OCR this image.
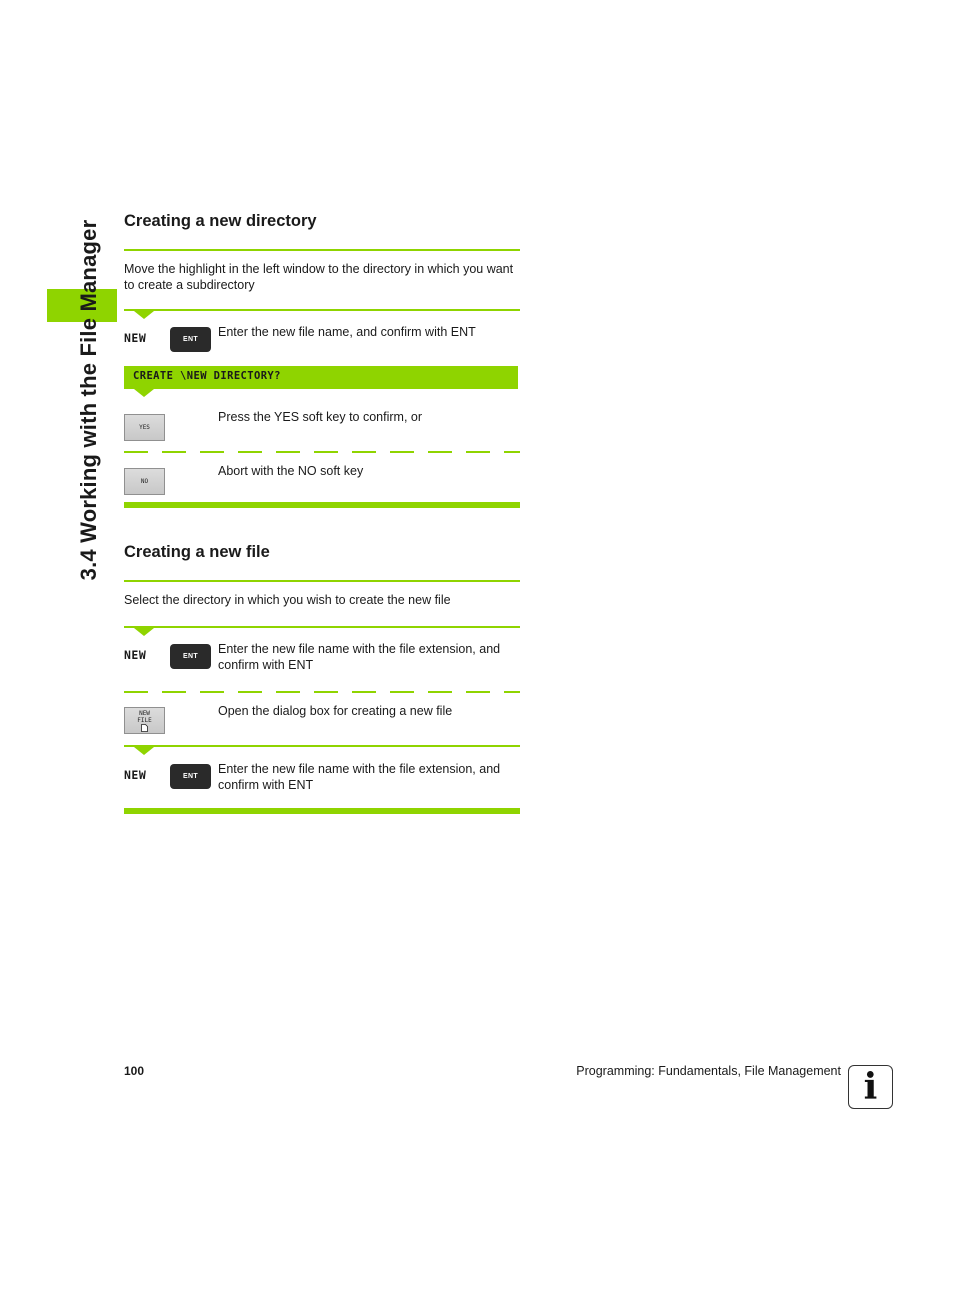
3.4 Working with the File Manager Creating a new directory
Move the highlight in the left window to the directory in which you want to create a subdirectory
NEW	ENT
Enter the new file name, and confirm with ENT
CREATE \NEW DIRECTORY?
YES
Press the YES soft key to confirm, or
NO
Abort with the NO soft key
Creating a new file
Select the directory in which you wish to create the new file
NEW	ENT
Enter the new file name with the file extension, and confirm with ENT
NEW
FILE
Open the dialog box for creating a new file
NEW	ENT
Enter the new file name with the file extension, and confirm with ENT
100	Programming: Fundamentals, File Management i
